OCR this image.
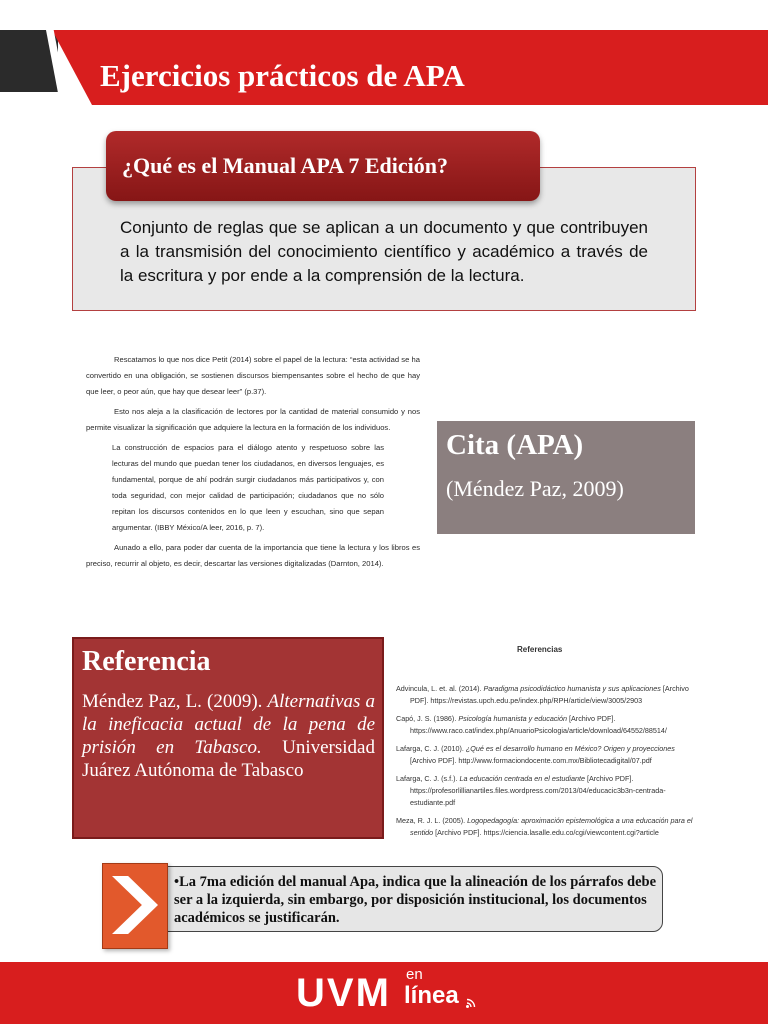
Ejercicios prácticos de APA

Conjunto de reglas que se aplican a un documento y que contribuyen a la transmisión del conocimiento científico y académico a través de la escritura y por ende a la comprensión de la lectura.

¿Qué es el Manual APA 7 Edición?

Rescatamos lo que nos dice Petit (2014) sobre el papel de la lectura: “esta actividad se ha convertido en una obligación, se sostienen discursos biempensantes sobre el hecho de que hay que leer, o peor aún, que hay que desear leer” (p.37).

Esto nos aleja a la clasificación de lectores por la cantidad de material consumido y nos permite visualizar la significación que adquiere la lectura en la formación de los individuos.

La construcción de espacios para el diálogo atento y respetuoso sobre las lecturas del mundo que puedan tener los ciudadanos, en diversos lenguajes, es fundamental, porque de ahí podrán surgir ciudadanos más participativos y, con toda seguridad, con mejor calidad de participación; ciudadanos que no sólo repitan los discursos contenidos en lo que leen y escuchan, sino que sepan argumentar. (IBBY México/A leer, 2016, p. 7).

Aunado a ello, para poder dar cuenta de la importancia que tiene la lectura y los libros es preciso, recurrir al objeto, es decir, descartar las versiones digitalizadas (Darnton, 2014).

Cita (APA)

(Méndez Paz, 2009)

Referencia

Méndez Paz, L. (2009). Alternativas a la ineficacia actual de la pena de prisión en Tabasco. Universidad Juárez Autónoma de Tabasco

Referencias
Advincula, L. et. al. (2014). Paradigma psicodidáctico humanista y sus aplicaciones [Archivo PDF]. https://revistas.upch.edu.pe/index.php/RPH/article/view/3005/2903
Capó, J. S. (1986). Psicología humanista y educación [Archivo PDF]. https://www.raco.cat/index.php/AnuarioPsicologia/article/download/64552/88514/
Lafarga, C. J. (2010). ¿Qué es el desarrollo humano en México? Origen y proyecciones [Archivo PDF]. http://www.formaciondocente.com.mx/Bibliotecadigital/07.pdf
Lafarga, C. J. (s.f.). La educación centrada en el estudiante [Archivo PDF]. https://profesorlillianartiles.files.wordpress.com/2013/04/educacic3b3n-centrada-estudiante.pdf
Meza, R. J. L. (2005). Logopedagogía: aproximación epistemológica a una educación para el sentido [Archivo PDF]. https://ciencia.lasalle.edu.co/cgi/viewcontent.cgi?article

•La 7ma edición del manual Apa, indica que la alineación de los párrafos debe ser a la izquierda, sin embargo, por disposición institucional, los documentos académicos se justificarán.

UVM en
línea
